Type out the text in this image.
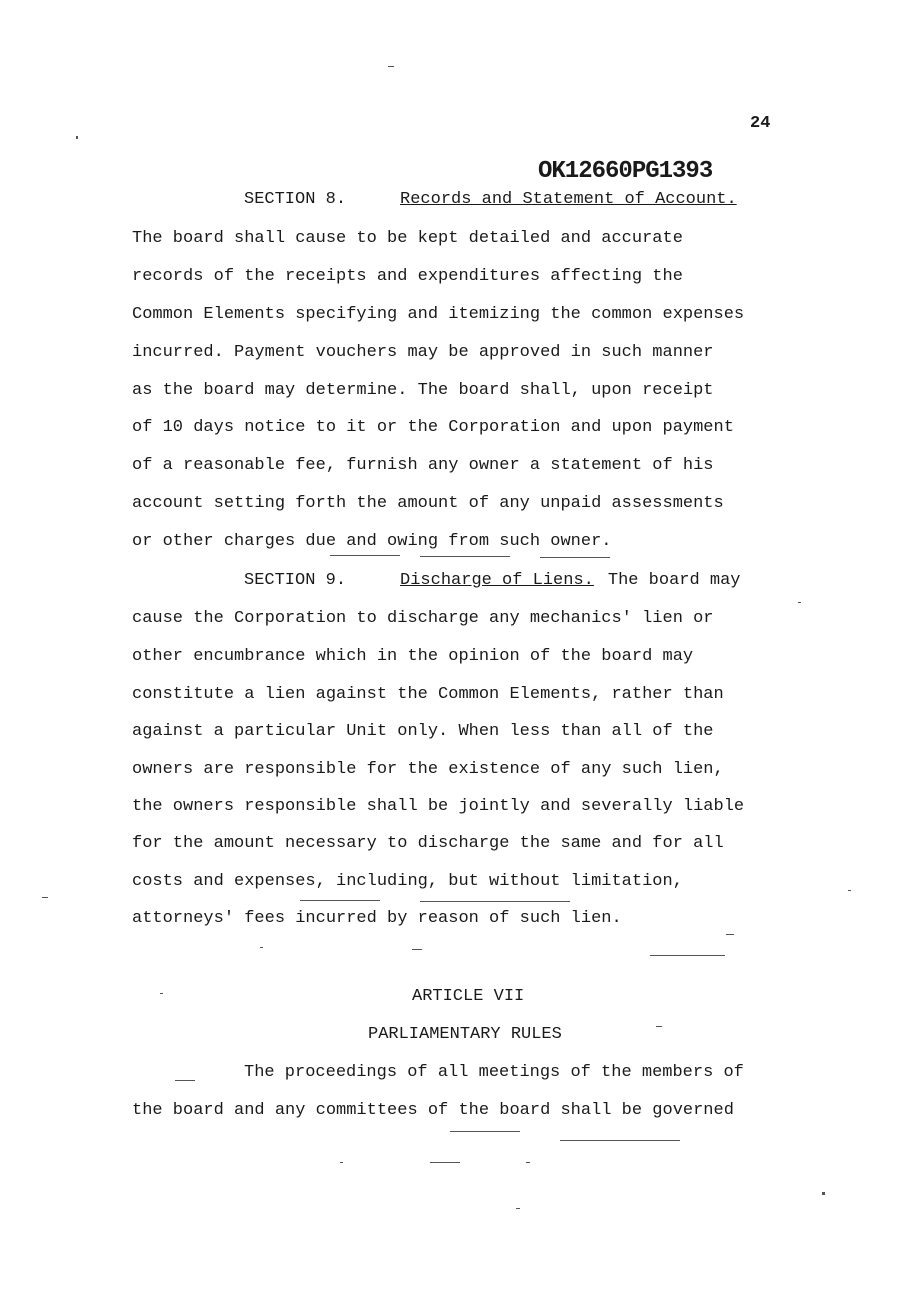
24
OK12660PG1393
SECTION 8.	Records and Statement of Account.
The board shall cause to be kept detailed and accurate
records of the receipts and expenditures affecting the
Common Elements specifying and itemizing the common expenses
incurred. Payment vouchers may be approved in such manner
as the board may determine. The board shall, upon receipt
of 10 days notice to it or the Corporation and upon payment
of a reasonable fee, furnish any owner a statement of his
account setting forth the amount of any unpaid assessments
or other charges due and owing from such owner.
SECTION 9.	Discharge of Liens. The board may
cause the Corporation to discharge any mechanics' lien or
other encumbrance which in the opinion of the board may
constitute a lien against the Common Elements, rather than
against a particular Unit only. When less than all of the
owners are responsible for the existence of any such lien,
the owners responsible shall be jointly and severally liable
for the amount necessary to discharge the same and for all
costs and expenses, including, but without limitation,
attorneys' fees incurred by reason of such lien.
ARTICLE VII
PARLIAMENTARY RULES
The proceedings of all meetings of the members of
the board and any committees of the board shall be governed
